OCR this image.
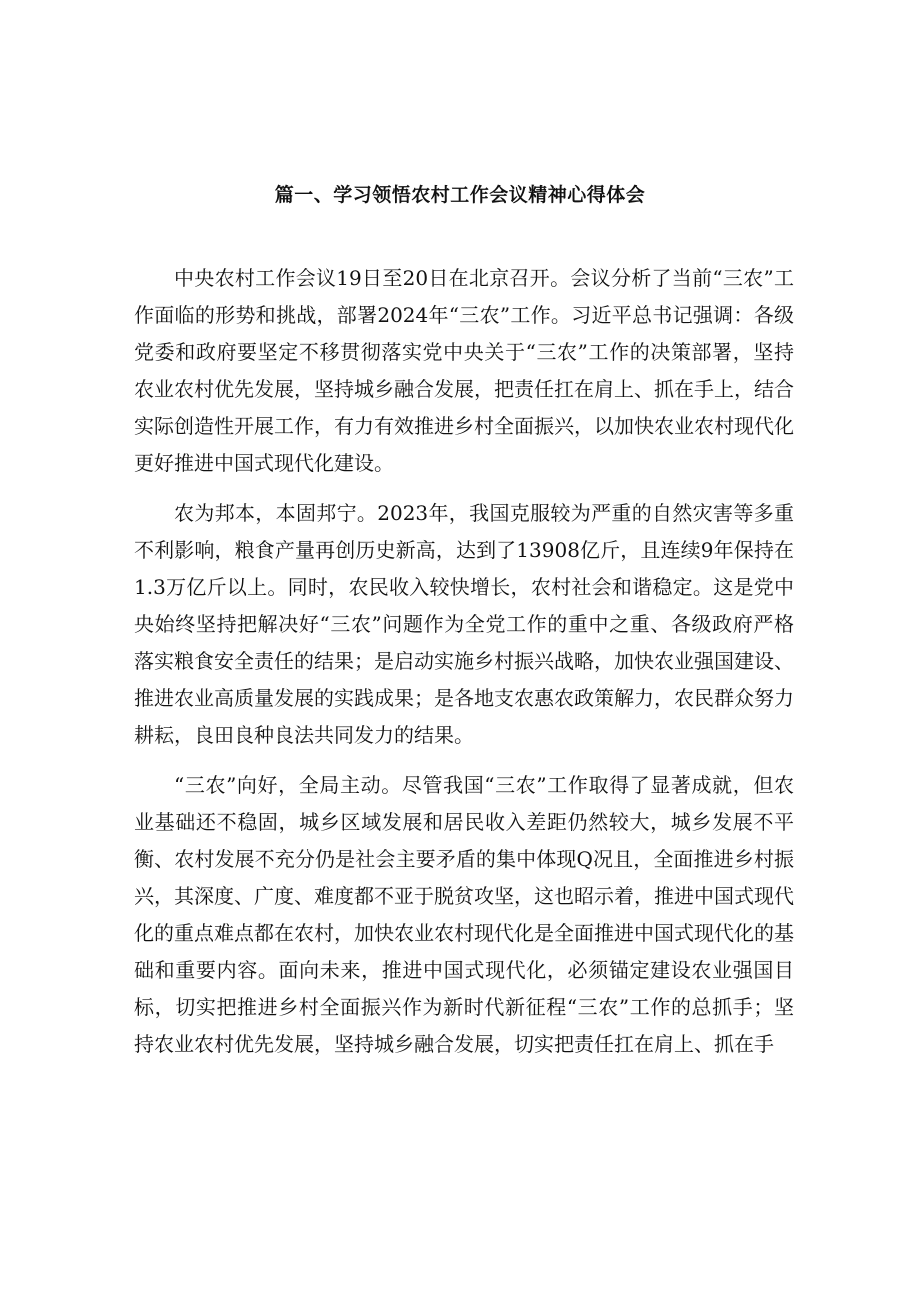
篇一、学习领悟农村工作会议精神心得体会

中央农村工作会议19日至20日在北京召开。会议分析了当前“三农”工作面临的形势和挑战，部署2024年“三农”工作。习近平总书记强调：各级党委和政府要坚定不移贯彻落实党中央关于“三农”工作的决策部署，坚持农业农村优先发展，坚持城乡融合发展，把责任扛在肩上、抓在手上，结合实际创造性开展工作，有力有效推进乡村全面振兴，以加快农业农村现代化更好推进中国式现代化建设。

农为邦本，本固邦宁。2023年，我国克服较为严重的自然灾害等多重不利影响，粮食产量再创历史新高，达到了13908亿斤，且连续9年保持在1.3万亿斤以上。同时，农民收入较快增长，农村社会和谐稳定。这是党中央始终坚持把解决好“三农”问题作为全党工作的重中之重、各级政府严格落实粮食安全责任的结果；是启动实施乡村振兴战略，加快农业强国建设、推进农业高质量发展的实践成果；是各地支农惠农政策解力，农民群众努力耕耘，良田良种良法共同发力的结果。

“三农”向好，全局主动。尽管我国“三农”工作取得了显著成就，但农业基础还不稳固，城乡区域发展和居民收入差距仍然较大，城乡发展不平衡、农村发展不充分仍是社会主要矛盾的集中体现Q况且，全面推进乡村振兴，其深度、广度、难度都不亚于脱贫攻坚，这也昭示着，推进中国式现代化的重点难点都在农村，加快农业农村现代化是全面推进中国式现代化的基础和重要内容。面向未来，推进中国式现代化，必须锚定建设农业强国目标，切实把推进乡村全面振兴作为新时代新征程“三农”工作的总抓手；坚持农业农村优先发展，坚持城乡融合发展，切实把责任扛在肩上、抓在手
